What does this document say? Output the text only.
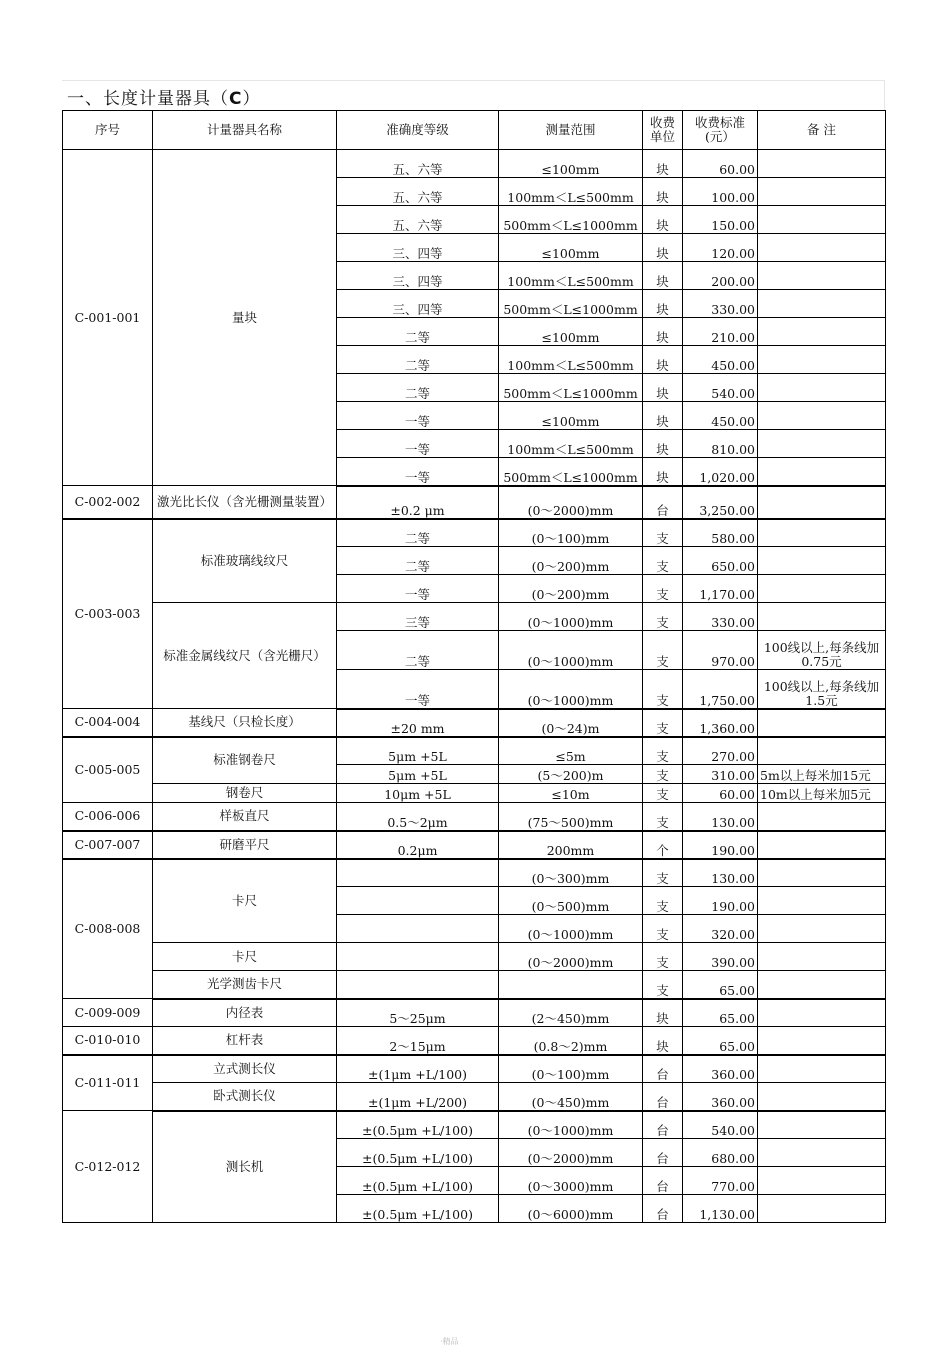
一、长度计量器具（C）
序号	计量器具名称	准确度等级	测量范围	收费单位	收费标准(元）	备 注
C-001-001	量块	五、六等	≤100mm	块	60.00	
		五、六等	100mm＜L≤500mm	块	100.00	
		五、六等	500mm＜L≤1000mm	块	150.00	
		三、四等	≤100mm	块	120.00	
		三、四等	100mm＜L≤500mm	块	200.00	
		三、四等	500mm＜L≤1000mm	块	330.00	
		二等	≤100mm	块	210.00	
		二等	100mm＜L≤500mm	块	450.00	
		二等	500mm＜L≤1000mm	块	540.00	
		一等	≤100mm	块	450.00	
		一等	100mm＜L≤500mm	块	810.00	
		一等	500mm＜L≤1000mm	块	1,020.00	
C-002-002	激光比长仪（含光栅测量装置）	±0.2 μm	(0～2000)mm	台	3,250.00	
C-003-003	标准玻璃线纹尺	二等	(0～100)mm	支	580.00	
		二等	(0～200)mm	支	650.00	
		一等	(0～200)mm	支	1,170.00	
	标准金属线纹尺（含光栅尺）	三等	(0～1000)mm	支	330.00	
		二等	(0～1000)mm	支	970.00	100线以上,每条线加0.75元
		一等	(0～1000)mm	支	1,750.00	100线以上,每条线加1.5元
C-004-004	基线尺（只检长度）	±20 mm	(0～24)m	支	1,360.00	
C-005-005	标准钢卷尺	5μm +5L	≤5m	支	270.00	
		5μm +5L	(5～200)m	支	310.00	5m以上每米加15元
	钢卷尺	10μm +5L	≤10m	支	60.00	10m以上每米加5元
C-006-006	样板直尺	0.5～2μm	(75～500)mm	支	130.00	
C-007-007	研磨平尺	0.2μm	200mm	个	190.00	
C-008-008	卡尺		(0～300)mm	支	130.00	
			(0～500)mm	支	190.00	
			(0～1000)mm	支	320.00	
	卡尺		(0～2000)mm	支	390.00	
	光学测齿卡尺			支	65.00	
C-009-009	内径表	5～25μm	(2～450)mm	块	65.00	
C-010-010	杠杆表	2～15μm	(0.8～2)mm	块	65.00	
C-011-011	立式测长仪	±(1μm +L/100)	(0～100)mm	台	360.00	
	卧式测长仪	±(1μm +L/200)	(0～450)mm	台	360.00	
C-012-012	测长机	±(0.5μm +L/100)	(0～1000)mm	台	540.00	
		±(0.5μm +L/100)	(0～2000)mm	台	680.00	
		±(0.5μm +L/100)	(0～3000)mm	台	770.00	
		±(0.5μm +L/100)	(0～6000)mm	台	1,130.00	
·精品
